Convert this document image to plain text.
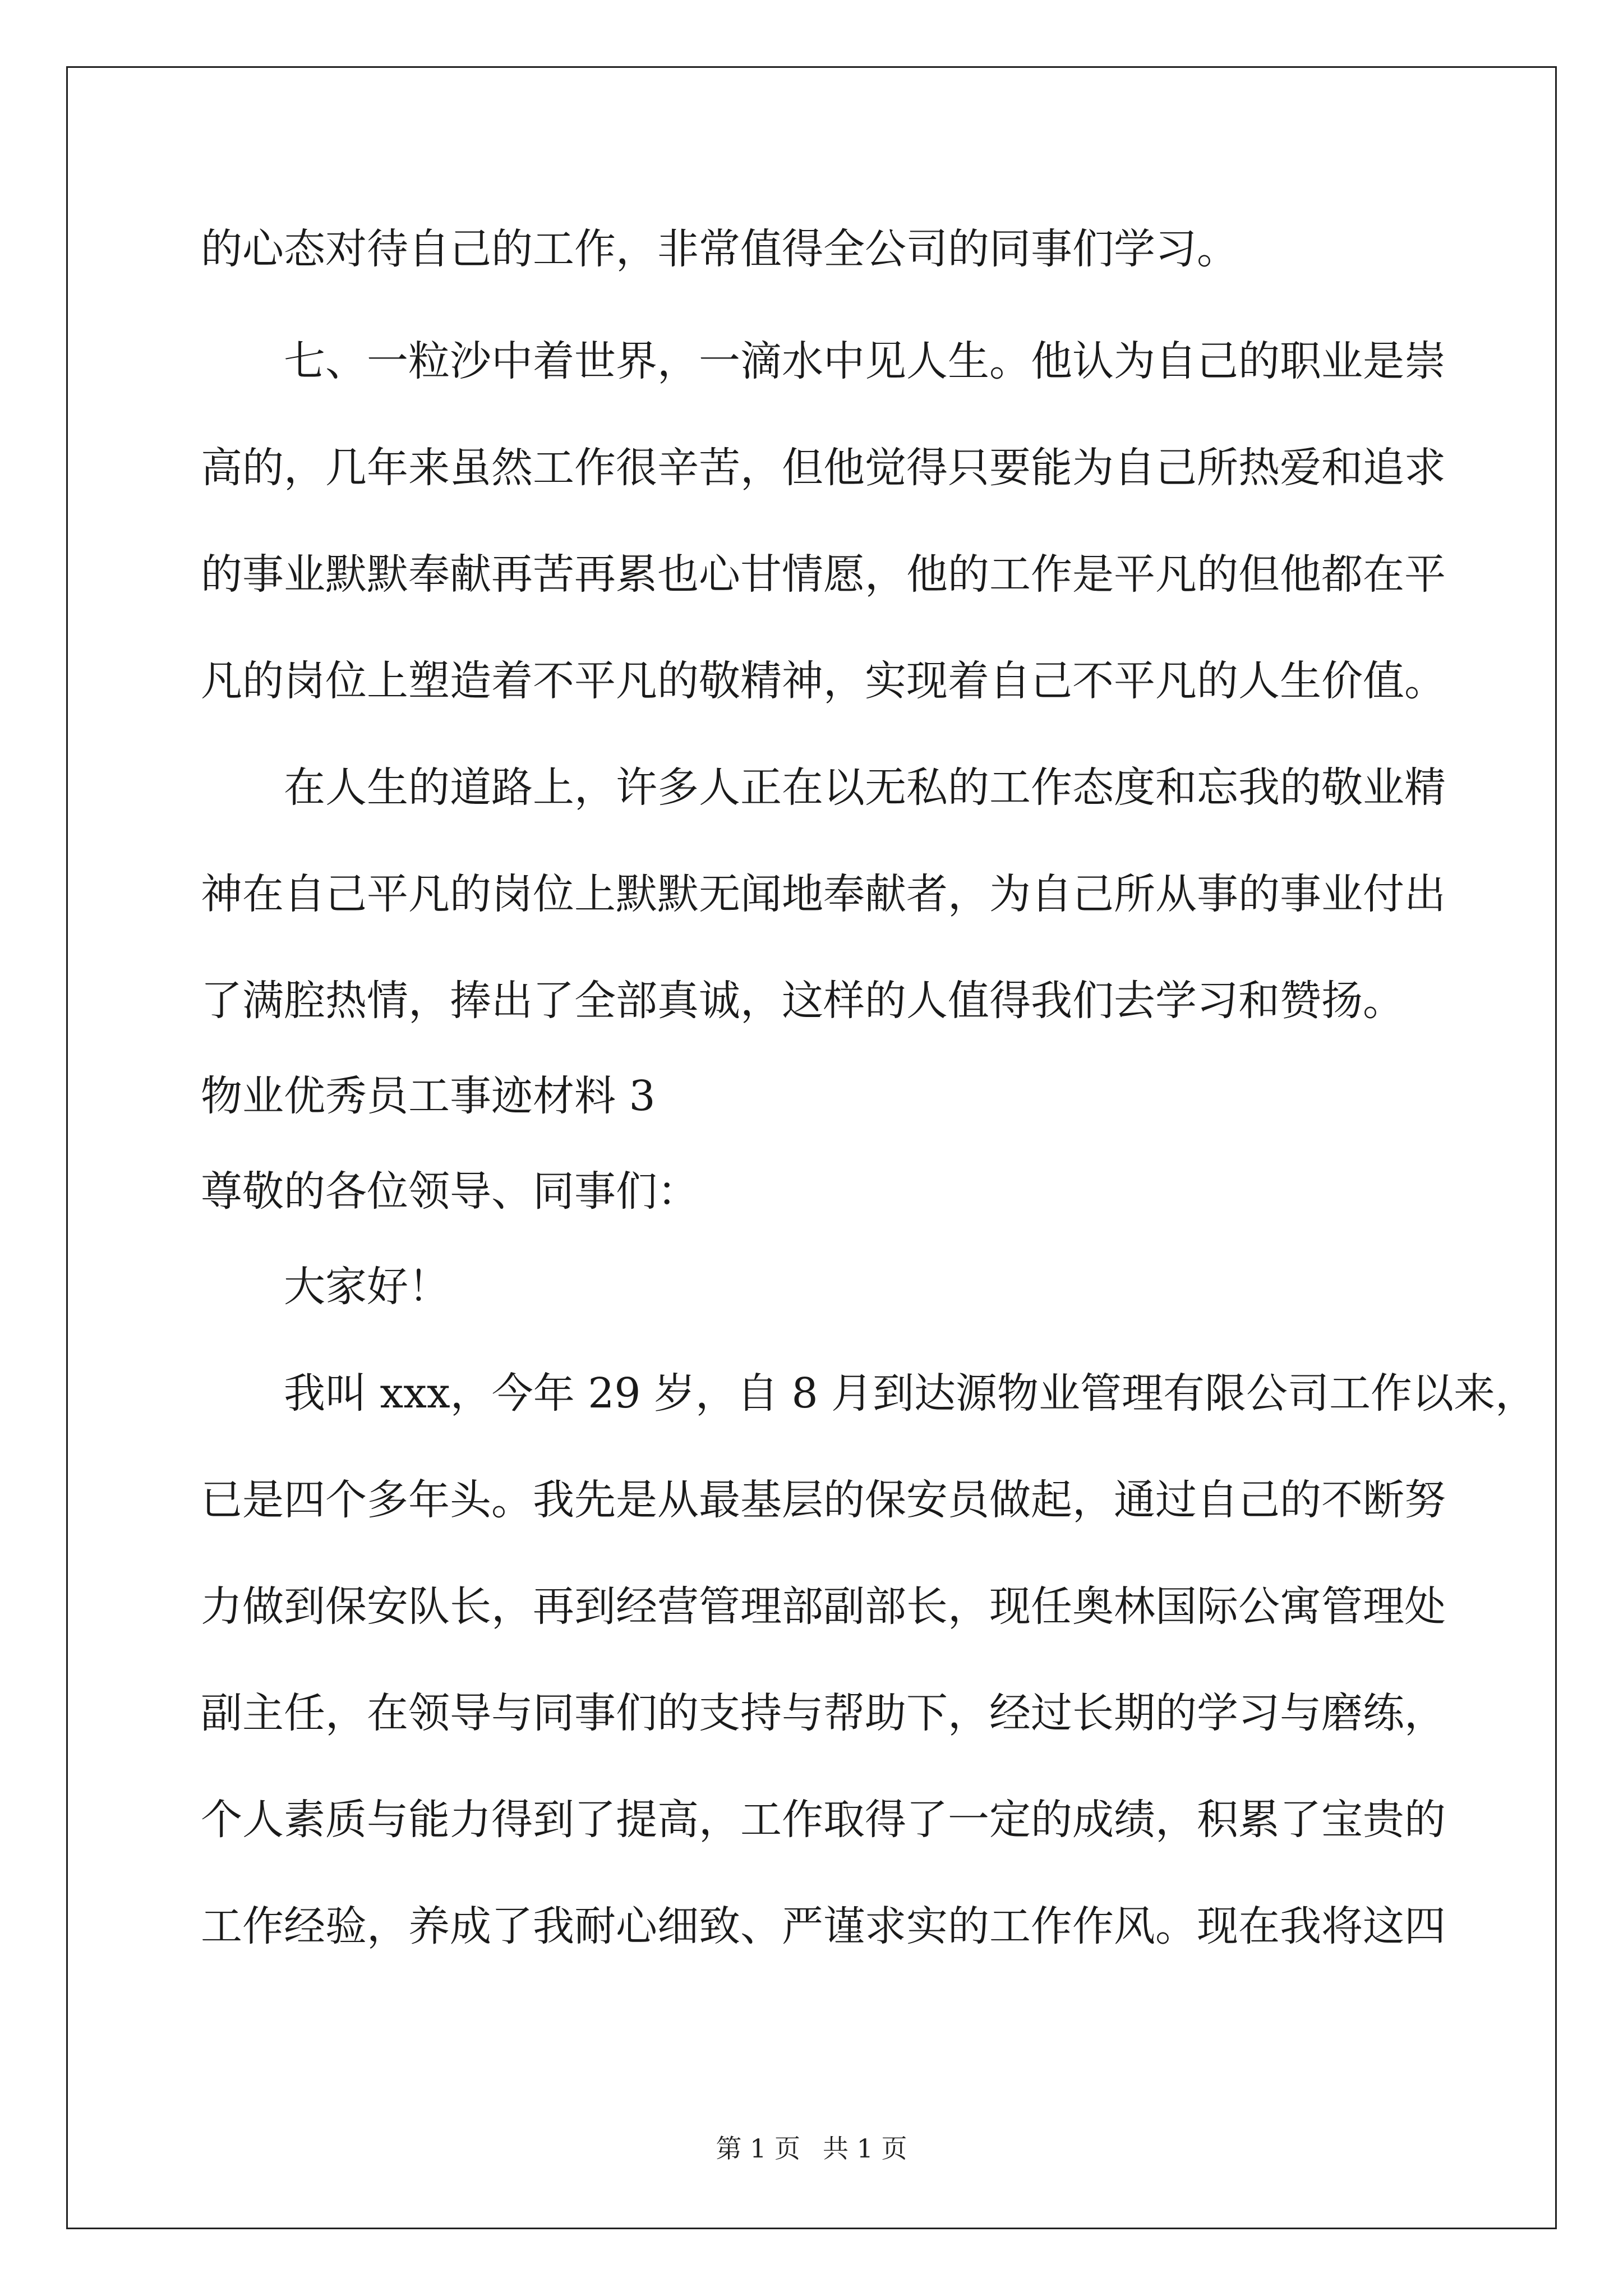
的心态对待自己的工作，非常值得全公司的同事们学习。
七、一粒沙中着世界，一滴水中见人生。他认为自己的职业是崇
高的，几年来虽然工作很辛苦，但他觉得只要能为自己所热爱和追求
的事业默默奉献再苦再累也心甘情愿，他的工作是平凡的但他都在平
凡的岗位上塑造着不平凡的敬精神，实现着自己不平凡的人生价值。
在人生的道路上，许多人正在以无私的工作态度和忘我的敬业精
神在自己平凡的岗位上默默无闻地奉献者，为自己所从事的事业付出
了满腔热情，捧出了全部真诚，这样的人值得我们去学习和赞扬。
物业优秀员工事迹材料 3
尊敬的各位领导、同事们：
大家好！
我叫 xxx，今年 29 岁，自 8 月到达源物业管理有限公司工作以来，
已是四个多年头。我先是从最基层的保安员做起，通过自己的不断努
力做到保安队长，再到经营管理部副部长，现任奥林国际公寓管理处
副主任，在领导与同事们的支持与帮助下，经过长期的学习与磨练，
个人素质与能力得到了提高，工作取得了一定的成绩，积累了宝贵的
工作经验，养成了我耐心细致、严谨求实的工作作风。现在我将这四
第 1 页 共 1 页
